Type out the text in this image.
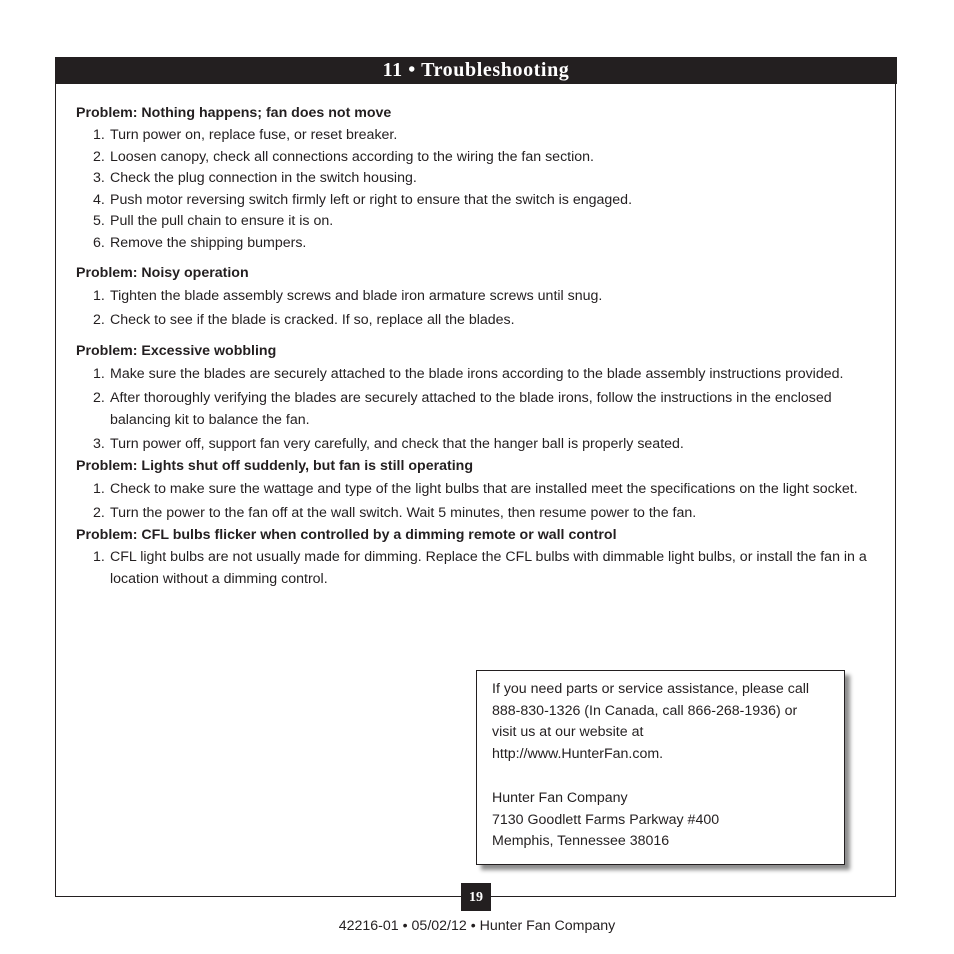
11 • Troubleshooting

Problem: Nothing happens; fan does not move

1. Turn power on, replace fuse, or reset breaker.
2. Loosen canopy, check all connections according to the wiring the fan section.
3. Check the plug connection in the switch housing.
4. Push motor reversing switch firmly left or right to ensure that the switch is engaged.
5. Pull the pull chain to ensure it is on.
6. Remove the shipping bumpers.

Problem: Noisy operation

1. Tighten the blade assembly screws and blade iron armature screws until snug.
2. Check to see if the blade is cracked. If so, replace all the blades.

Problem: Excessive wobbling

1. Make sure the blades are securely attached to the blade irons according to the blade assembly instructions provided.
2. After thoroughly verifying the blades are securely attached to the blade irons, follow the instructions in the enclosed balancing kit to balance the fan.
3. Turn power off, support fan very carefully, and check that the hanger ball is properly seated.

Problem: Lights shut off suddenly, but fan is still operating

1. Check to make sure the wattage and type of the light bulbs that are installed meet the specifications on the light socket.
2. Turn the power to the fan off at the wall switch. Wait 5 minutes, then resume power to the fan.

Problem: CFL bulbs flicker when controlled by a dimming remote or wall control

1. CFL light bulbs are not usually made for dimming. Replace the CFL bulbs with dimmable light bulbs, or install the fan in a location without a dimming control.

If you need parts or service assistance, please call

888-830-1326 (In Canada, call 866-268-1936) or

visit us at our website at

http://www.HunterFan.com.

Hunter Fan Company

7130 Goodlett Farms Parkway #400

Memphis, Tennessee 38016

19
42216-01 • 05/02/12 • Hunter Fan Company
